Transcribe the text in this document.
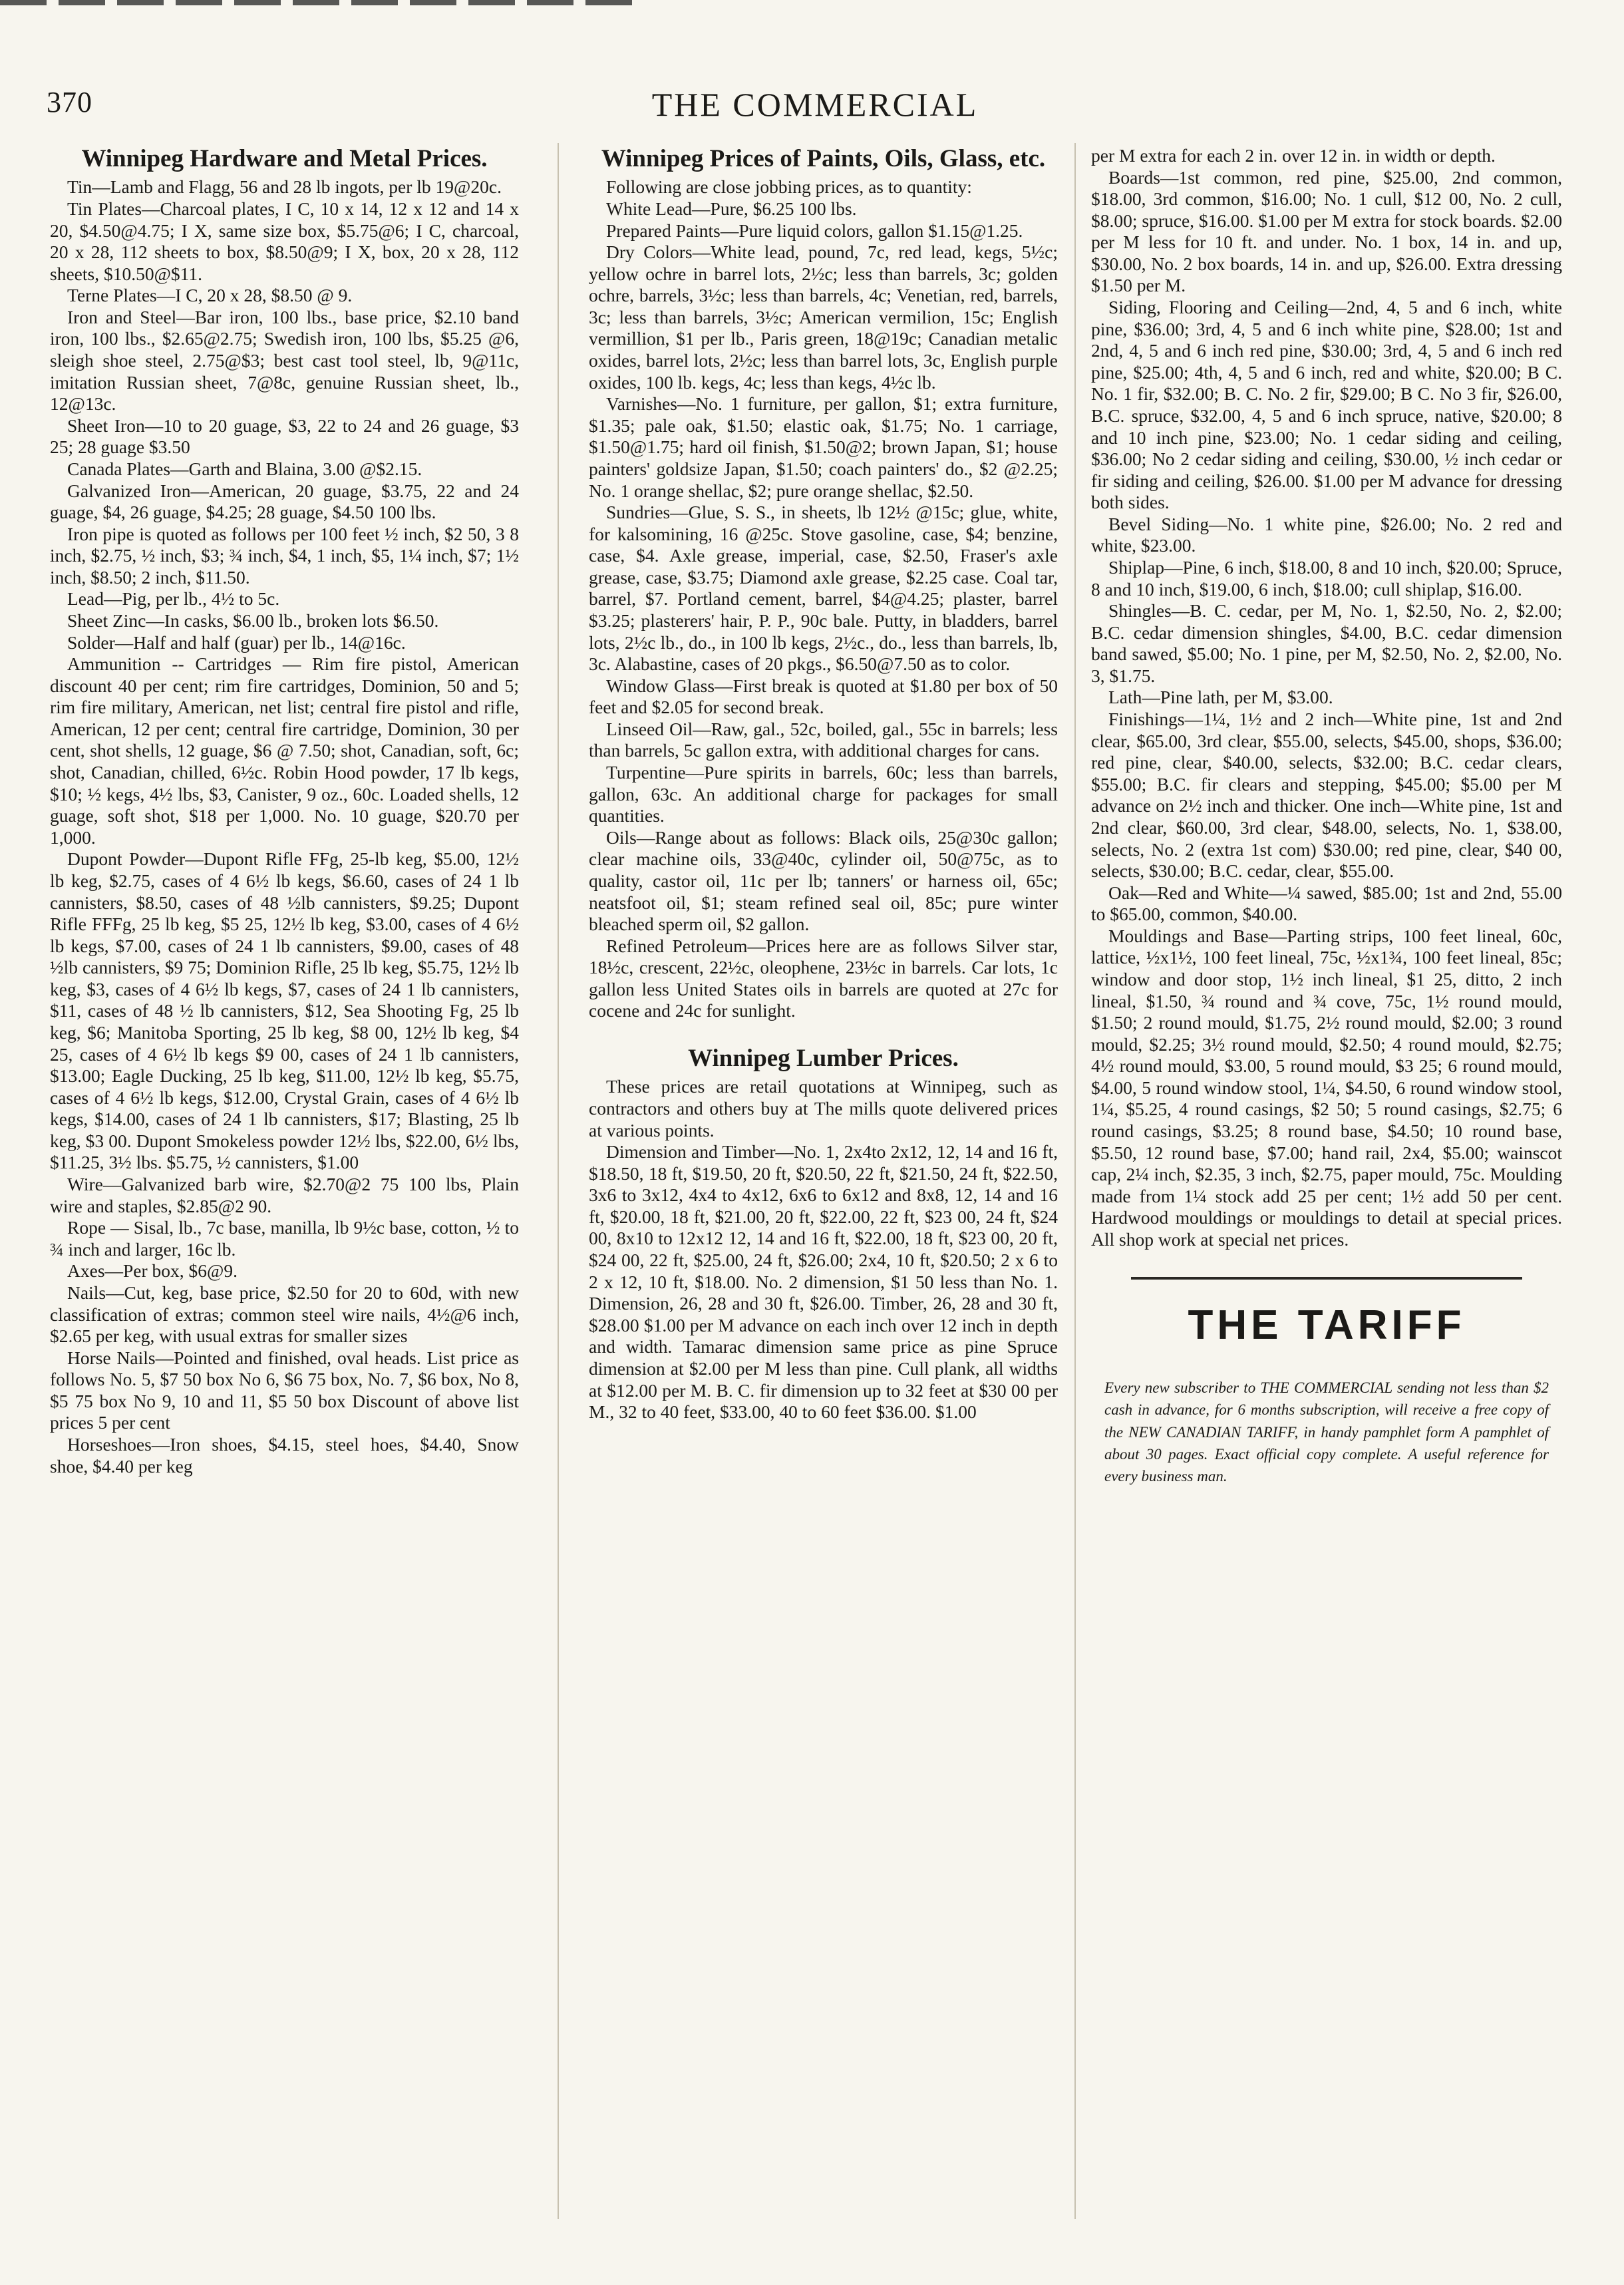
370	THE COMMERCIAL
Winnipeg Hardware and Metal Prices.

Tin—Lamb and Flagg, 56 and 28 lb ingots, per lb 19@20c.

Tin Plates—Charcoal plates, I C, 10 x 14, 12 x 12 and 14 x 20, $4.50@4.75; I X, same size box, $5.75@6; I C, charcoal, 20 x 28, 112 sheets to box, $8.50@9; I X, box, 20 x 28, 112 sheets, $10.50@$11.

Terne Plates—I C, 20 x 28, $8.50 @ 9.

Iron and Steel—Bar iron, 100 lbs., base price, $2.10 band iron, 100 lbs., $2.65@2.75; Swedish iron, 100 lbs, $5.25 @6, sleigh shoe steel, 2.75@$3; best cast tool steel, lb, 9@11c, imitation Russian sheet, 7@8c, genuine Russian sheet, lb., 12@13c.

Sheet Iron—10 to 20 guage, $3, 22 to 24 and 26 guage, $3 25; 28 guage $3.50

Canada Plates—Garth and Blaina, 3.00 @$2.15.

Galvanized Iron—American, 20 guage, $3.75, 22 and 24 guage, $4, 26 guage, $4.25; 28 guage, $4.50 100 lbs.

Iron pipe is quoted as follows per 100 feet ½ inch, $2 50, 3 8 inch, $2.75, ½ inch, $3; ¾ inch, $4, 1 inch, $5, 1¼ inch, $7; 1½ inch, $8.50; 2 inch, $11.50.

Lead—Pig, per lb., 4½ to 5c.

Sheet Zinc—In casks, $6.00 lb., broken lots $6.50.

Solder—Half and half (guar) per lb., 14@16c.

Ammunition -- Cartridges — Rim fire pistol, American discount 40 per cent; rim fire cartridges, Dominion, 50 and 5; rim fire military, American, net list; central fire pistol and rifle, American, 12 per cent; central fire cartridge, Dominion, 30 per cent, shot shells, 12 guage, $6 @ 7.50; shot, Canadian, soft, 6c; shot, Canadian, chilled, 6½c. Robin Hood powder, 17 lb kegs, $10; ½ kegs, 4½ lbs, $3, Canister, 9 oz., 60c. Loaded shells, 12 guage, soft shot, $18 per 1,000. No. 10 guage, $20.70 per 1,000.

Dupont Powder—Dupont Rifle FFg, 25-lb keg, $5.00, 12½ lb keg, $2.75, cases of 4 6½ lb kegs, $6.60, cases of 24 1 lb cannisters, $8.50, cases of 48 ½lb cannisters, $9.25; Dupont Rifle FFFg, 25 lb keg, $5 25, 12½ lb keg, $3.00, cases of 4 6½ lb kegs, $7.00, cases of 24 1 lb cannisters, $9.00, cases of 48 ½lb cannisters, $9 75; Dominion Rifle, 25 lb keg, $5.75, 12½ lb keg, $3, cases of 4 6½ lb kegs, $7, cases of 24 1 lb cannisters, $11, cases of 48 ½ lb cannisters, $12, Sea Shooting Fg, 25 lb keg, $6; Manitoba Sporting, 25 lb keg, $8 00, 12½ lb keg, $4 25, cases of 4 6½ lb kegs $9 00, cases of 24 1 lb cannisters, $13.00; Eagle Ducking, 25 lb keg, $11.00, 12½ lb keg, $5.75, cases of 4 6½ lb kegs, $12.00, Crystal Grain, cases of 4 6½ lb kegs, $14.00, cases of 24 1 lb cannisters, $17; Blasting, 25 lb keg, $3 00. Dupont Smokeless powder 12½ lbs, $22.00, 6½ lbs, $11.25, 3½ lbs. $5.75, ½ cannisters, $1.00

Wire—Galvanized barb wire, $2.70@2 75 100 lbs, Plain wire and staples, $2.85@2 90.

Rope — Sisal, lb., 7c base, manilla, lb 9½c base, cotton, ½ to ¾ inch and larger, 16c lb.

Axes—Per box, $6@9.

Nails—Cut, keg, base price, $2.50 for 20 to 60d, with new classification of extras; common steel wire nails, 4½@6 inch, $2.65 per keg, with usual extras for smaller sizes

Horse Nails—Pointed and finished, oval heads. List price as follows No. 5, $7 50 box No 6, $6 75 box, No. 7, $6 box, No 8, $5 75 box No 9, 10 and 11, $5 50 box Discount of above list prices 5 per cent

Horseshoes—Iron shoes, $4.15, steel hoes, $4.40, Snow shoe, $4.40 per keg

Winnipeg Prices of Paints, Oils, Glass, etc.

Following are close jobbing prices, as to quantity:

White Lead—Pure, $6.25 100 lbs.

Prepared Paints—Pure liquid colors, gallon $1.15@1.25.

Dry Colors—White lead, pound, 7c, red lead, kegs, 5½c; yellow ochre in barrel lots, 2½c; less than barrels, 3c; golden ochre, barrels, 3½c; less than barrels, 4c; Venetian, red, barrels, 3c; less than barrels, 3½c; American vermilion, 15c; English vermillion, $1 per lb., Paris green, 18@19c; Canadian metalic oxides, barrel lots, 2½c; less than barrel lots, 3c, English purple oxides, 100 lb. kegs, 4c; less than kegs, 4½c lb.

Varnishes—No. 1 furniture, per gallon, $1; extra furniture, $1.35; pale oak, $1.50; elastic oak, $1.75; No. 1 carriage, $1.50@1.75; hard oil finish, $1.50@2; brown Japan, $1; house painters' goldsize Japan, $1.50; coach painters' do., $2 @2.25; No. 1 orange shellac, $2; pure orange shellac, $2.50.

Sundries—Glue, S. S., in sheets, lb 12½ @15c; glue, white, for kalsomining, 16 @25c. Stove gasoline, case, $4; benzine, case, $4. Axle grease, imperial, case, $2.50, Fraser's axle grease, case, $3.75; Diamond axle grease, $2.25 case. Coal tar, barrel, $7. Portland cement, barrel, $4@4.25; plaster, barrel $3.25; plasterers' hair, P. P., 90c bale. Putty, in bladders, barrel lots, 2½c lb., do., in 100 lb kegs, 2½c., do., less than barrels, lb, 3c. Alabastine, cases of 20 pkgs., $6.50@7.50 as to color.

Window Glass—First break is quoted at $1.80 per box of 50 feet and $2.05 for second break.

Linseed Oil—Raw, gal., 52c, boiled, gal., 55c in barrels; less than barrels, 5c gallon extra, with additional charges for cans.

Turpentine—Pure spirits in barrels, 60c; less than barrels, gallon, 63c. An additional charge for packages for small quantities.

Oils—Range about as follows: Black oils, 25@30c gallon; clear machine oils, 33@40c, cylinder oil, 50@75c, as to quality, castor oil, 11c per lb; tanners' or harness oil, 65c; neatsfoot oil, $1; steam refined seal oil, 85c; pure winter bleached sperm oil, $2 gallon.

Refined Petroleum—Prices here are as follows Silver star, 18½c, crescent, 22½c, oleophene, 23½c in barrels. Car lots, 1c gallon less United States oils in barrels are quoted at 27c for cocene and 24c for sunlight.

Winnipeg Lumber Prices.

These prices are retail quotations at Winnipeg, such as contractors and others buy at The mills quote delivered prices at various points.

Dimension and Timber—No. 1, 2x4to 2x12, 12, 14 and 16 ft, $18.50, 18 ft, $19.50, 20 ft, $20.50, 22 ft, $21.50, 24 ft, $22.50, 3x6 to 3x12, 4x4 to 4x12, 6x6 to 6x12 and 8x8, 12, 14 and 16 ft, $20.00, 18 ft, $21.00, 20 ft, $22.00, 22 ft, $23 00, 24 ft, $24 00, 8x10 to 12x12 12, 14 and 16 ft, $22.00, 18 ft, $23 00, 20 ft, $24 00, 22 ft, $25.00, 24 ft, $26.00; 2x4, 10 ft, $20.50; 2 x 6 to 2 x 12, 10 ft, $18.00. No. 2 dimension, $1 50 less than No. 1. Dimension, 26, 28 and 30 ft, $26.00. Timber, 26, 28 and 30 ft, $28.00 $1.00 per M advance on each inch over 12 inch in depth and width. Tamarac dimension same price as pine Spruce dimension at $2.00 per M less than pine. Cull plank, all widths at $12.00 per M. B. C. fir dimension up to 32 feet at $30 00 per M., 32 to 40 feet, $33.00, 40 to 60 feet $36.00. $1.00

per M extra for each 2 in. over 12 in. in width or depth.

Boards—1st common, red pine, $25.00, 2nd common, $18.00, 3rd common, $16.00; No. 1 cull, $12 00, No. 2 cull, $8.00; spruce, $16.00. $1.00 per M extra for stock boards. $2.00 per M less for 10 ft. and under. No. 1 box, 14 in. and up, $30.00, No. 2 box boards, 14 in. and up, $26.00. Extra dressing $1.50 per M.

Siding, Flooring and Ceiling—2nd, 4, 5 and 6 inch, white pine, $36.00; 3rd, 4, 5 and 6 inch white pine, $28.00; 1st and 2nd, 4, 5 and 6 inch red pine, $30.00; 3rd, 4, 5 and 6 inch red pine, $25.00; 4th, 4, 5 and 6 inch, red and white, $20.00; B C. No. 1 fir, $32.00; B. C. No. 2 fir, $29.00; B C. No 3 fir, $26.00, B.C. spruce, $32.00, 4, 5 and 6 inch spruce, native, $20.00; 8 and 10 inch pine, $23.00; No. 1 cedar siding and ceiling, $36.00; No 2 cedar siding and ceiling, $30.00, ½ inch cedar or fir siding and ceiling, $26.00. $1.00 per M advance for dressing both sides.

Bevel Siding—No. 1 white pine, $26.00; No. 2 red and white, $23.00.

Shiplap—Pine, 6 inch, $18.00, 8 and 10 inch, $20.00; Spruce, 8 and 10 inch, $19.00, 6 inch, $18.00; cull shiplap, $16.00.

Shingles—B. C. cedar, per M, No. 1, $2.50, No. 2, $2.00; B.C. cedar dimension shingles, $4.00, B.C. cedar dimension band sawed, $5.00; No. 1 pine, per M, $2.50, No. 2, $2.00, No. 3, $1.75.

Lath—Pine lath, per M, $3.00.

Finishings—1¼, 1½ and 2 inch—White pine, 1st and 2nd clear, $65.00, 3rd clear, $55.00, selects, $45.00, shops, $36.00; red pine, clear, $40.00, selects, $32.00; B.C. cedar clears, $55.00; B.C. fir clears and stepping, $45.00; $5.00 per M advance on 2½ inch and thicker. One inch—White pine, 1st and 2nd clear, $60.00, 3rd clear, $48.00, selects, No. 1, $38.00, selects, No. 2 (extra 1st com) $30.00; red pine, clear, $40 00, selects, $30.00; B.C. cedar, clear, $55.00.

Oak—Red and White—¼ sawed, $85.00; 1st and 2nd, 55.00 to $65.00, common, $40.00.

Mouldings and Base—Parting strips, 100 feet lineal, 60c, lattice, ½x1½, 100 feet lineal, 75c, ½x1¾, 100 feet lineal, 85c; window and door stop, 1½ inch lineal, $1 25, ditto, 2 inch lineal, $1.50, ¾ round and ¾ cove, 75c, 1½ round mould, $1.50; 2 round mould, $1.75, 2½ round mould, $2.00; 3 round mould, $2.25; 3½ round mould, $2.50; 4 round mould, $2.75; 4½ round mould, $3.00, 5 round mould, $3 25; 6 round mould, $4.00, 5 round window stool, 1¼, $4.50, 6 round window stool, 1¼, $5.25, 4 round casings, $2 50; 5 round casings, $2.75; 6 round casings, $3.25; 8 round base, $4.50; 10 round base, $5.50, 12 round base, $7.00; hand rail, 2x4, $5.00; wainscot cap, 2¼ inch, $2.35, 3 inch, $2.75, paper mould, 75c. Moulding made from 1¼ stock add 25 per cent; 1½ add 50 per cent. Hardwood mouldings or mouldings to detail at special prices. All shop work at special net prices.

THE TARIFF

Every new subscriber to THE COMMERCIAL sending not less than $2 cash in advance, for 6 months subscription, will receive a free copy of the NEW CANADIAN TARIFF, in handy pamphlet form A pamphlet of about 30 pages. Exact official copy complete. A useful reference for every business man.
